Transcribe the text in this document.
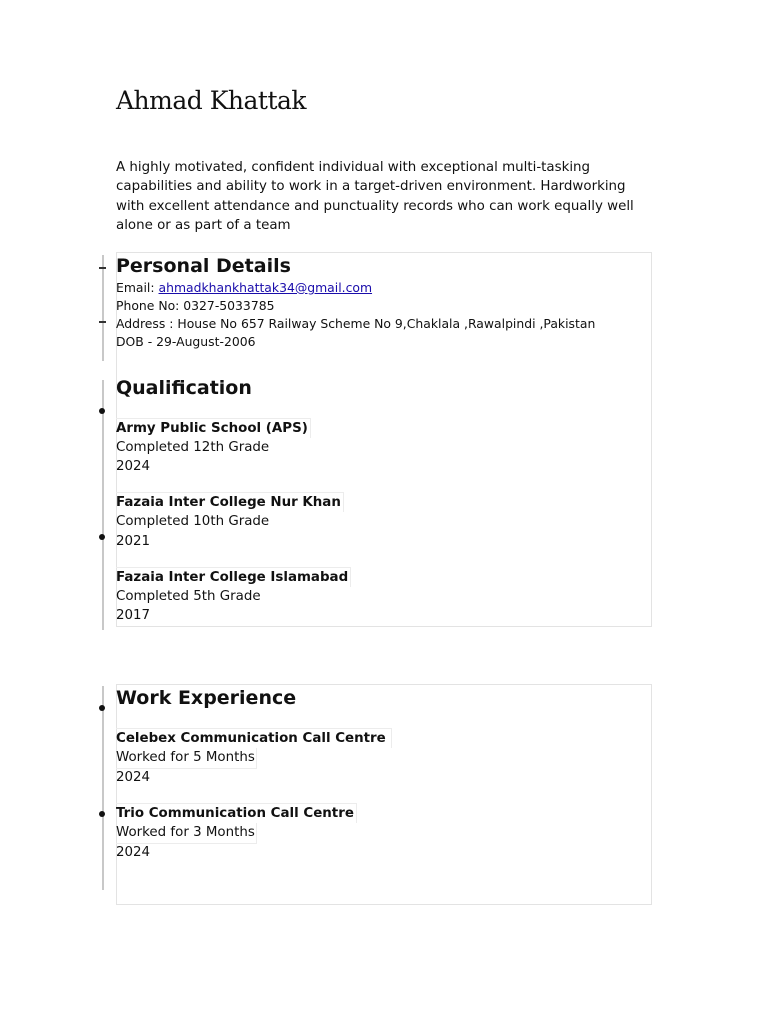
Ahmad Khattak

A highly motivated, confident individual with exceptional multi-tasking capabilities and ability to work in a target-driven environment. Hardworking with excellent attendance and punctuality records who can work equally well alone or as part of a team

Personal Details
Email: ahmadkhankhattak34@gmail.com
Phone No: 0327-5033785
Address : House No 657 Railway Scheme No 9,Chaklala ,Rawalpindi ,Pakistan
DOB - 29-August-2006
Qualification
Army Public School (APS)
Completed 12th Grade
2024
Fazaia Inter College Nur Khan
Completed 10th Grade
2021
Fazaia Inter College Islamabad
Completed 5th Grade
2017
Work Experience
Celebex Communication Call Centre
Worked for 5 Months
2024
Trio Communication Call Centre
Worked for 3 Months
2024
